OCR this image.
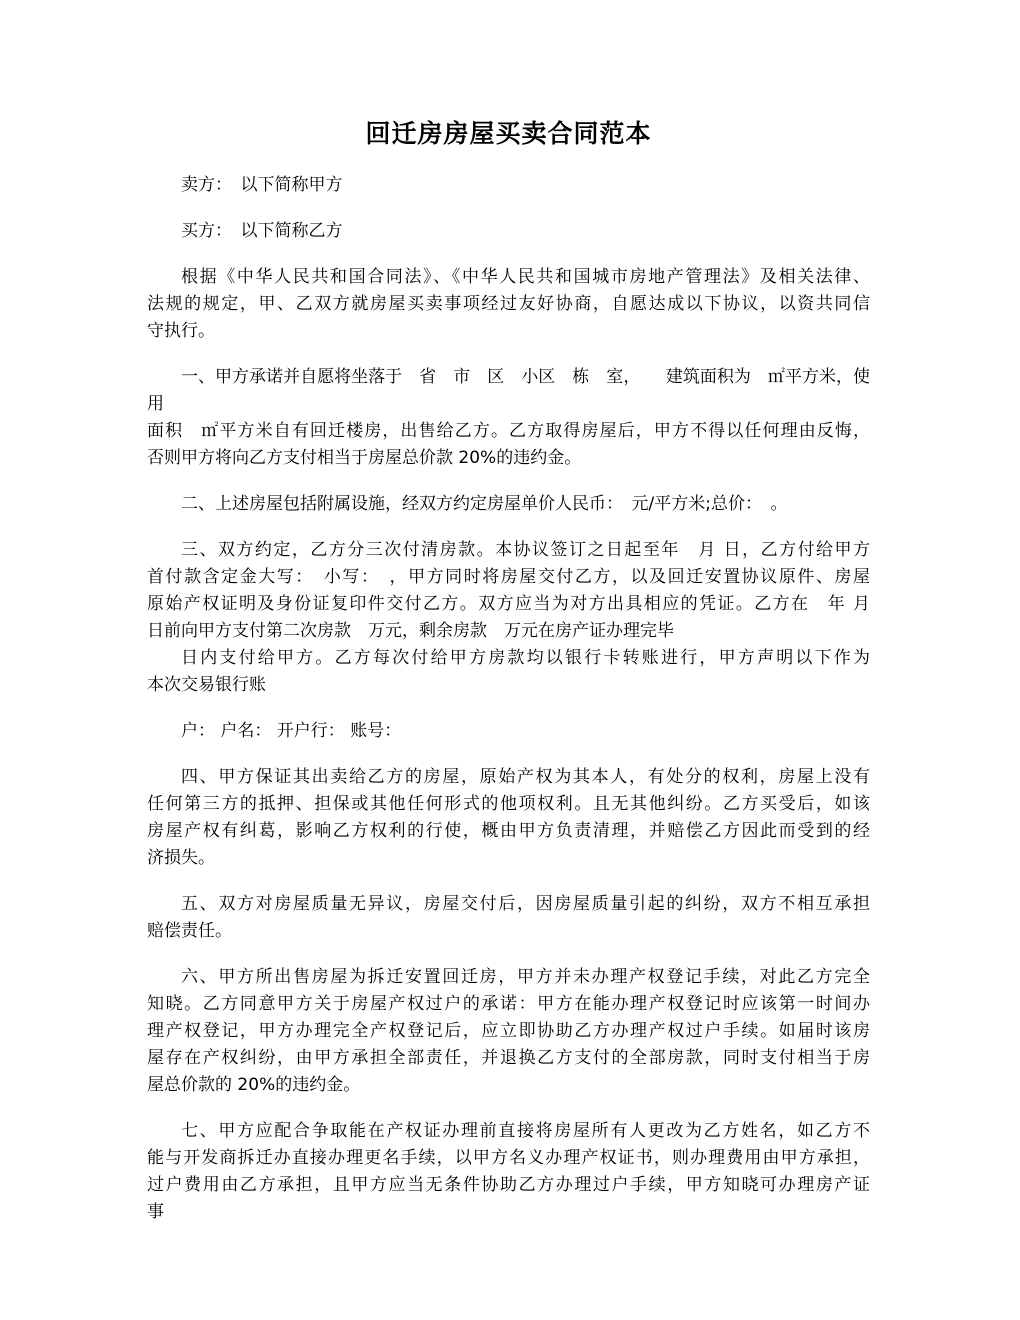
回迁房房屋买卖合同范本
卖方：　以下简称甲方
买方：　以下简称乙方
根据《中华人民共和国合同法》、《中华人民共和国城市房地产管理法》及相关法律、
法规的规定，甲、乙双方就房屋买卖事项经过友好协商，自愿达成以下协议，以资共同信
守执行。
一、甲方承诺并自愿将坐落于　省　市　区　小区　栋　室，　　建筑面积为　㎡平方米，使用
面积　㎡平方米自有回迁楼房，出售给乙方。乙方取得房屋后，甲方不得以任何理由反悔，
否则甲方将向乙方支付相当于房屋总价款 20%的违约金。
二、上述房屋包括附属设施，经双方约定房屋单价人民币：　元/平方米;总价：　。
三、双方约定，乙方分三次付清房款。本协议签订之日起至年　月 日，乙方付给甲方
首付款含定金大写：　小写：　，甲方同时将房屋交付乙方，以及回迁安置协议原件、房屋
原始产权证明及身份证复印件交付乙方。双方应当为对方出具相应的凭证。乙方在　年 月
日前向甲方支付第二次房款　万元，剩余房款　万元在房产证办理完毕
日内支付给甲方。乙方每次付给甲方房款均以银行卡转账进行，甲方声明以下作为
本次交易银行账
户： 户名： 开户行： 账号：
四、甲方保证其出卖给乙方的房屋，原始产权为其本人，有处分的权利，房屋上没有
任何第三方的抵押、担保或其他任何形式的他项权利。且无其他纠纷。乙方买受后，如该
房屋产权有纠葛，影响乙方权利的行使，概由甲方负责清理，并赔偿乙方因此而受到的经
济损失。
五、双方对房屋质量无异议，房屋交付后，因房屋质量引起的纠纷，双方不相互承担
赔偿责任。
六、甲方所出售房屋为拆迁安置回迁房，甲方并未办理产权登记手续，对此乙方完全
知晓。乙方同意甲方关于房屋产权过户的承诺：甲方在能办理产权登记时应该第一时间办
理产权登记，甲方办理完全产权登记后，应立即协助乙方办理产权过户手续。如届时该房
屋存在产权纠纷，由甲方承担全部责任，并退换乙方支付的全部房款，同时支付相当于房
屋总价款的 20%的违约金。
七、甲方应配合争取能在产权证办理前直接将房屋所有人更改为乙方姓名，如乙方不
能与开发商拆迁办直接办理更名手续，以甲方名义办理产权证书，则办理费用由甲方承担，
过户费用由乙方承担，且甲方应当无条件协助乙方办理过户手续，甲方知晓可办理房产证
事
